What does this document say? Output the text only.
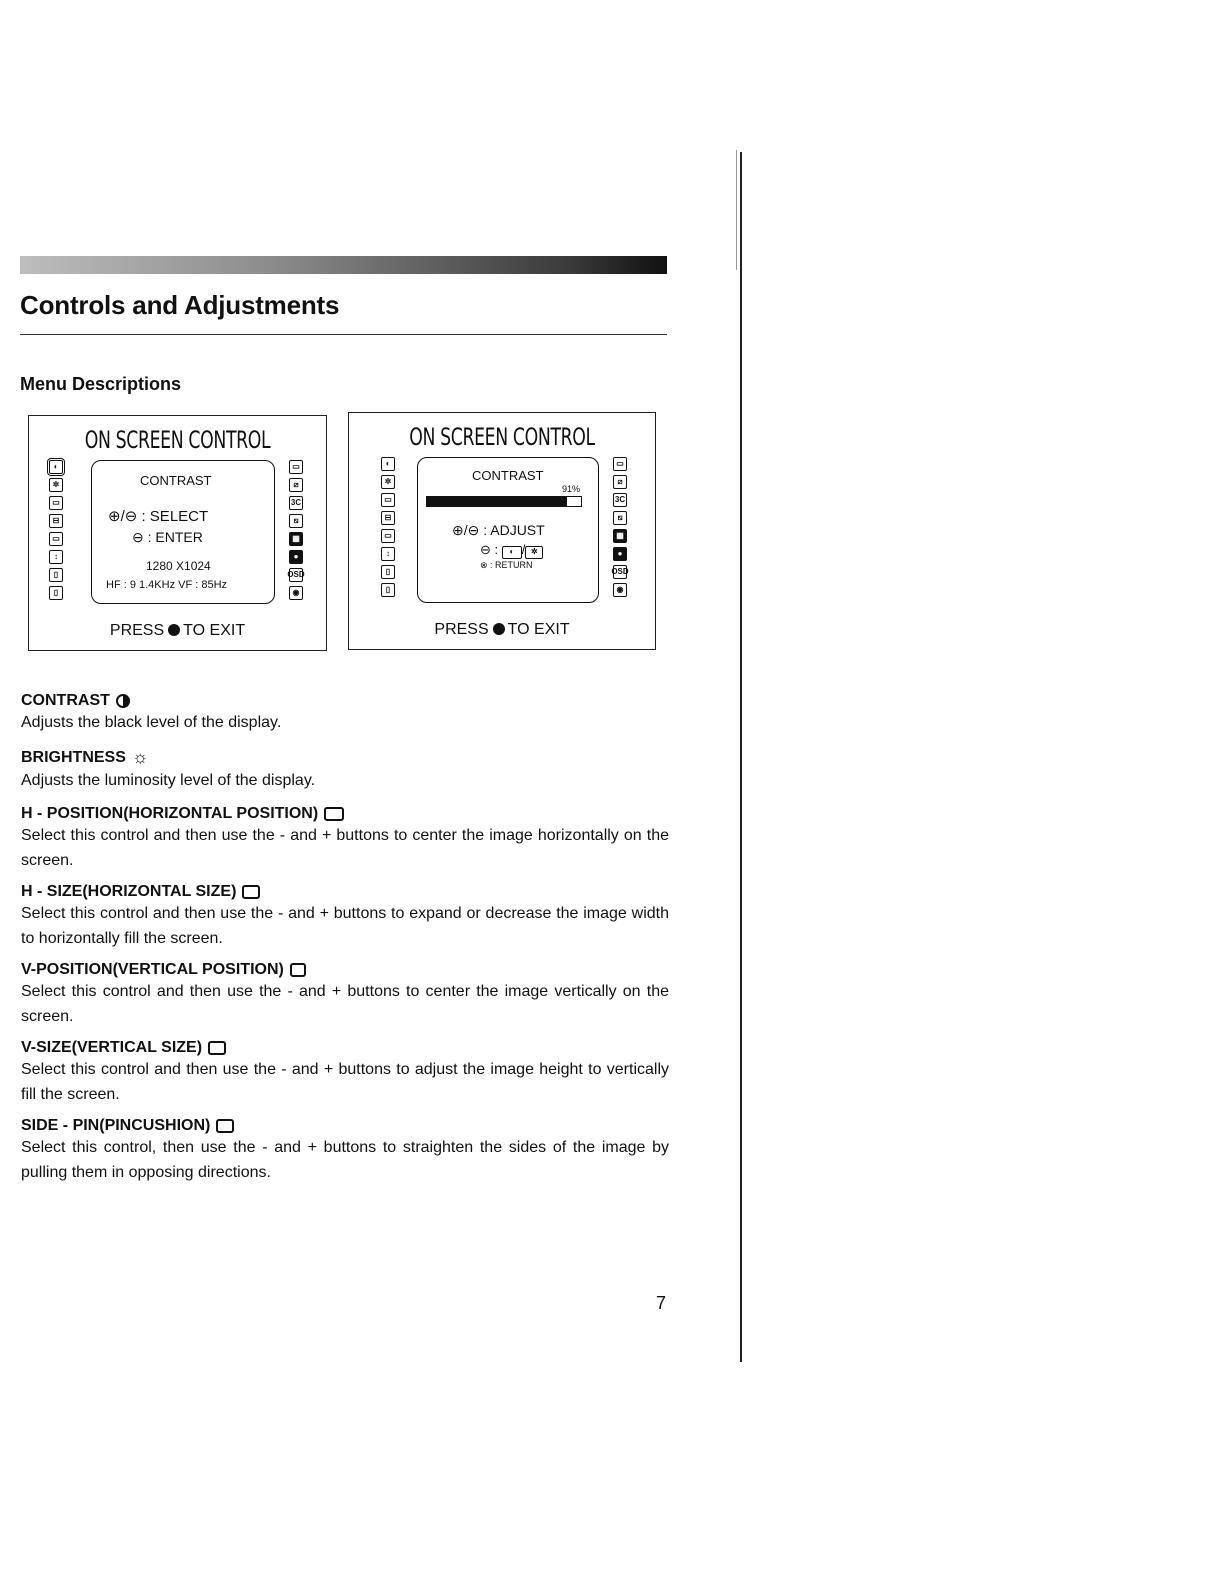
Controls and Adjustments
Menu Descriptions
ON SCREEN CONTROL
◐
✲
▭
⊟
▭
↕
▯
▯
▭
⧄
3C
⧅
▦
●
OSD
◉
CONTRAST
⊕/⊖ : SELECT
⊖ : ENTER
1280 X1024
HF : 9 1.4KHz VF : 85Hz
PRESS TO EXIT
ON SCREEN CONTROL
◐
✲
▭
⊟
▭
↕
▯
▯
▭
⧄
3C
⧅
▦
●
OSD
◉
CONTRAST
91%
⊕/⊖ : ADJUST
⊖ : ◐ / ✲
⊗ : RETURN
PRESS TO EXIT
CONTRAST

Adjusts the black level of the display.

BRIGHTNESS ☼

Adjusts the luminosity level of the display.

H - POSITION(HORIZONTAL POSITION)

Select this control and then use the - and + buttons to center the image horizontally on the screen.

H - SIZE(HORIZONTAL SIZE)

Select this control and then use the - and + buttons to expand or decrease the image width to horizontally fill the screen.

V-POSITION(VERTICAL POSITION)

Select this control and then use the - and + buttons to center the image vertically on the screen.

V-SIZE(VERTICAL SIZE)

Select this control and then use the - and + buttons to adjust the image height to vertically fill the screen.

SIDE - PIN(PINCUSHION)

Select this control, then use the - and + buttons to straighten the sides of the image by pulling them in opposing directions.

7
